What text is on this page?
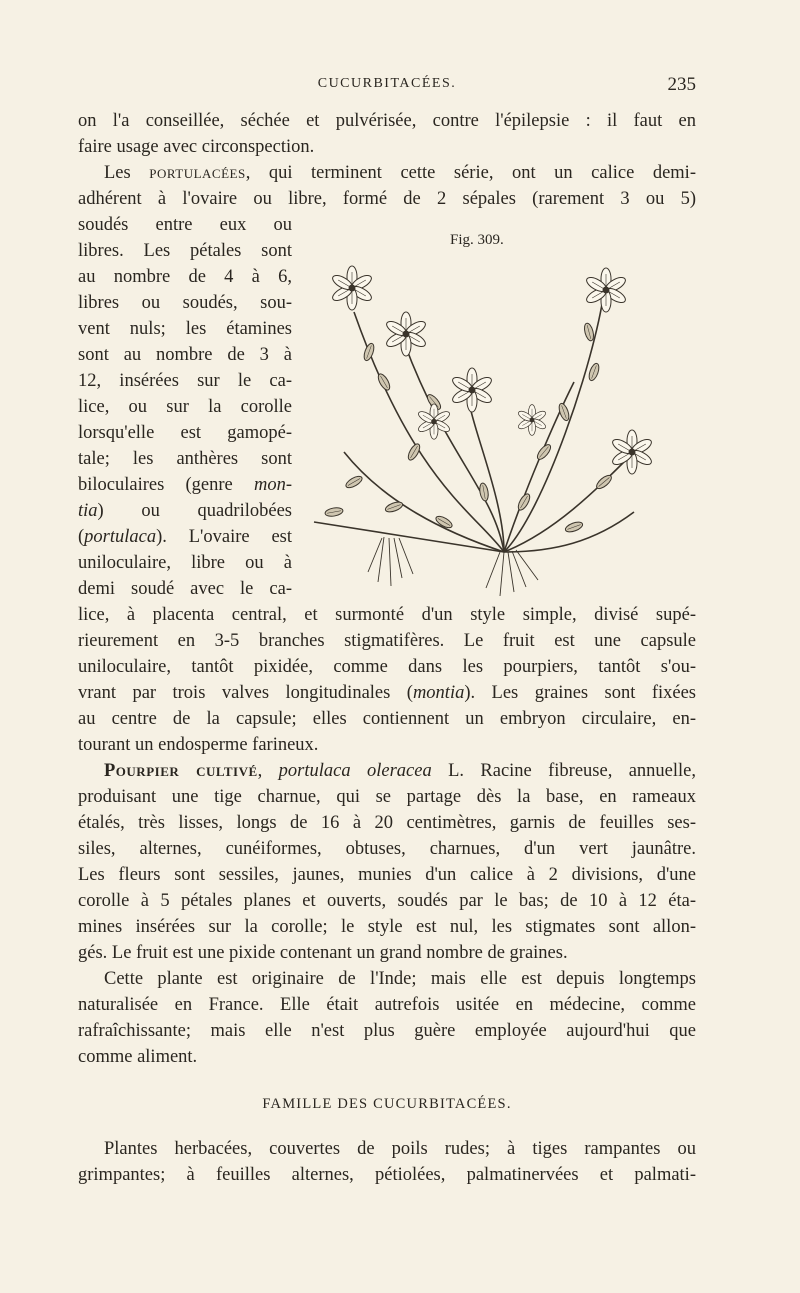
CUCURBITACÉES.	235
on l'a conseillée, séchée et pulvérisée, contre l'épilepsie : il faut en
faire usage avec circonspection.
Les portulacées, qui terminent cette série, ont un calice demi-
adhérent à l'ovaire ou libre, formé de 2 sépales (rarement 3 ou 5)
soudés entre eux ou
libres. Les pétales sont
au nombre de 4 à 6,
libres ou soudés, sou-
vent nuls; les étamines
sont au nombre de 3 à
12, insérées sur le ca-
lice, ou sur la corolle
lorsqu'elle est gamopé-
tale; les anthères sont
biloculaires (genre mon-
tia) ou quadrilobées
(portulaca). L'ovaire est
uniloculaire, libre ou à
demi soudé avec le ca-
lice, à placenta central, et surmonté d'un style simple, divisé supé-
rieurement en 3-5 branches stigmatifères. Le fruit est une capsule
uniloculaire, tantôt pixidée, comme dans les pourpiers, tantôt s'ou-
vrant par trois valves longitudinales (montia). Les graines sont fixées
au centre de la capsule; elles contiennent un embryon circulaire, en-
tourant un endosperme farineux.
Fig. 309.
Pourpier cultivé, portulaca oleracea L. Racine fibreuse, annuelle,
produisant une tige charnue, qui se partage dès la base, en rameaux
étalés, très lisses, longs de 16 à 20 centimètres, garnis de feuilles ses-
siles, alternes, cunéiformes, obtuses, charnues, d'un vert jaunâtre.
Les fleurs sont sessiles, jaunes, munies d'un calice à 2 divisions, d'une
corolle à 5 pétales planes et ouverts, soudés par le bas; de 10 à 12 éta-
mines insérées sur la corolle; le style est nul, les stigmates sont allon-
gés. Le fruit est une pixide contenant un grand nombre de graines.
Cette plante est originaire de l'Inde; mais elle est depuis longtemps
naturalisée en France. Elle était autrefois usitée en médecine, comme
rafraîchissante; mais elle n'est plus guère employée aujourd'hui que
comme aliment.
FAMILLE DES CUCURBITACÉES.
Plantes herbacées, couvertes de poils rudes; à tiges rampantes ou
grimpantes; à feuilles alternes, pétiolées, palmatinervées et palmati-
